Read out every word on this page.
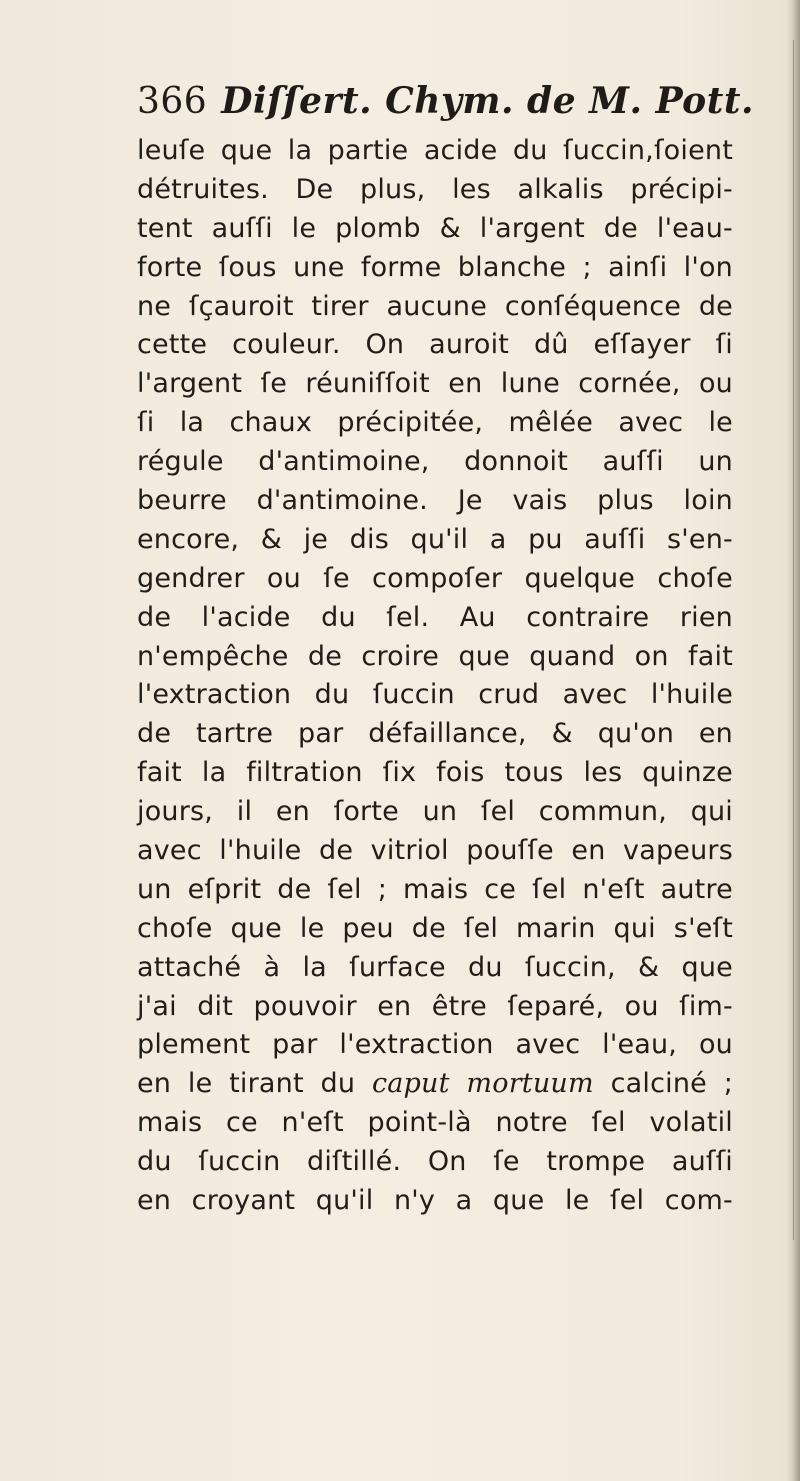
366 Diſſert. Chym. de M. Pott.
leuſe que la partie acide du ſuccin,ſoient
détruites. De plus, les alkalis précipi-
tent auſſi le plomb & l'argent de l'eau-
forte ſous une forme blanche ; ainſi l'on
ne ſçauroit tirer aucune conſéquence de
cette couleur. On auroit dû eſſayer ſi
l'argent ſe réuniſſoit en lune cornée, ou
ſi la chaux précipitée, mêlée avec le
régule d'antimoine, donnoit auſſi un
beurre d'antimoine. Je vais plus loin
encore, & je dis qu'il a pu auſſi s'en-
gendrer ou ſe compoſer quelque choſe
de l'acide du ſel. Au contraire rien
n'empêche de croire que quand on fait
l'extraction du ſuccin crud avec l'huile
de tartre par défaillance, & qu'on en
fait la filtration ſix fois tous les quinze
jours, il en ſorte un ſel commun, qui
avec l'huile de vitriol pouſſe en vapeurs
un eſprit de ſel ; mais ce ſel n'eſt autre
choſe que le peu de ſel marin qui s'eſt
attaché à la ſurface du ſuccin, & que
j'ai dit pouvoir en être ſeparé, ou ſim-
plement par l'extraction avec l'eau, ou
en le tirant du caput mortuum calciné ;
mais ce n'eſt point-là notre ſel volatil
du ſuccin diſtillé. On ſe trompe auſſi
en croyant qu'il n'y a que le ſel com-
